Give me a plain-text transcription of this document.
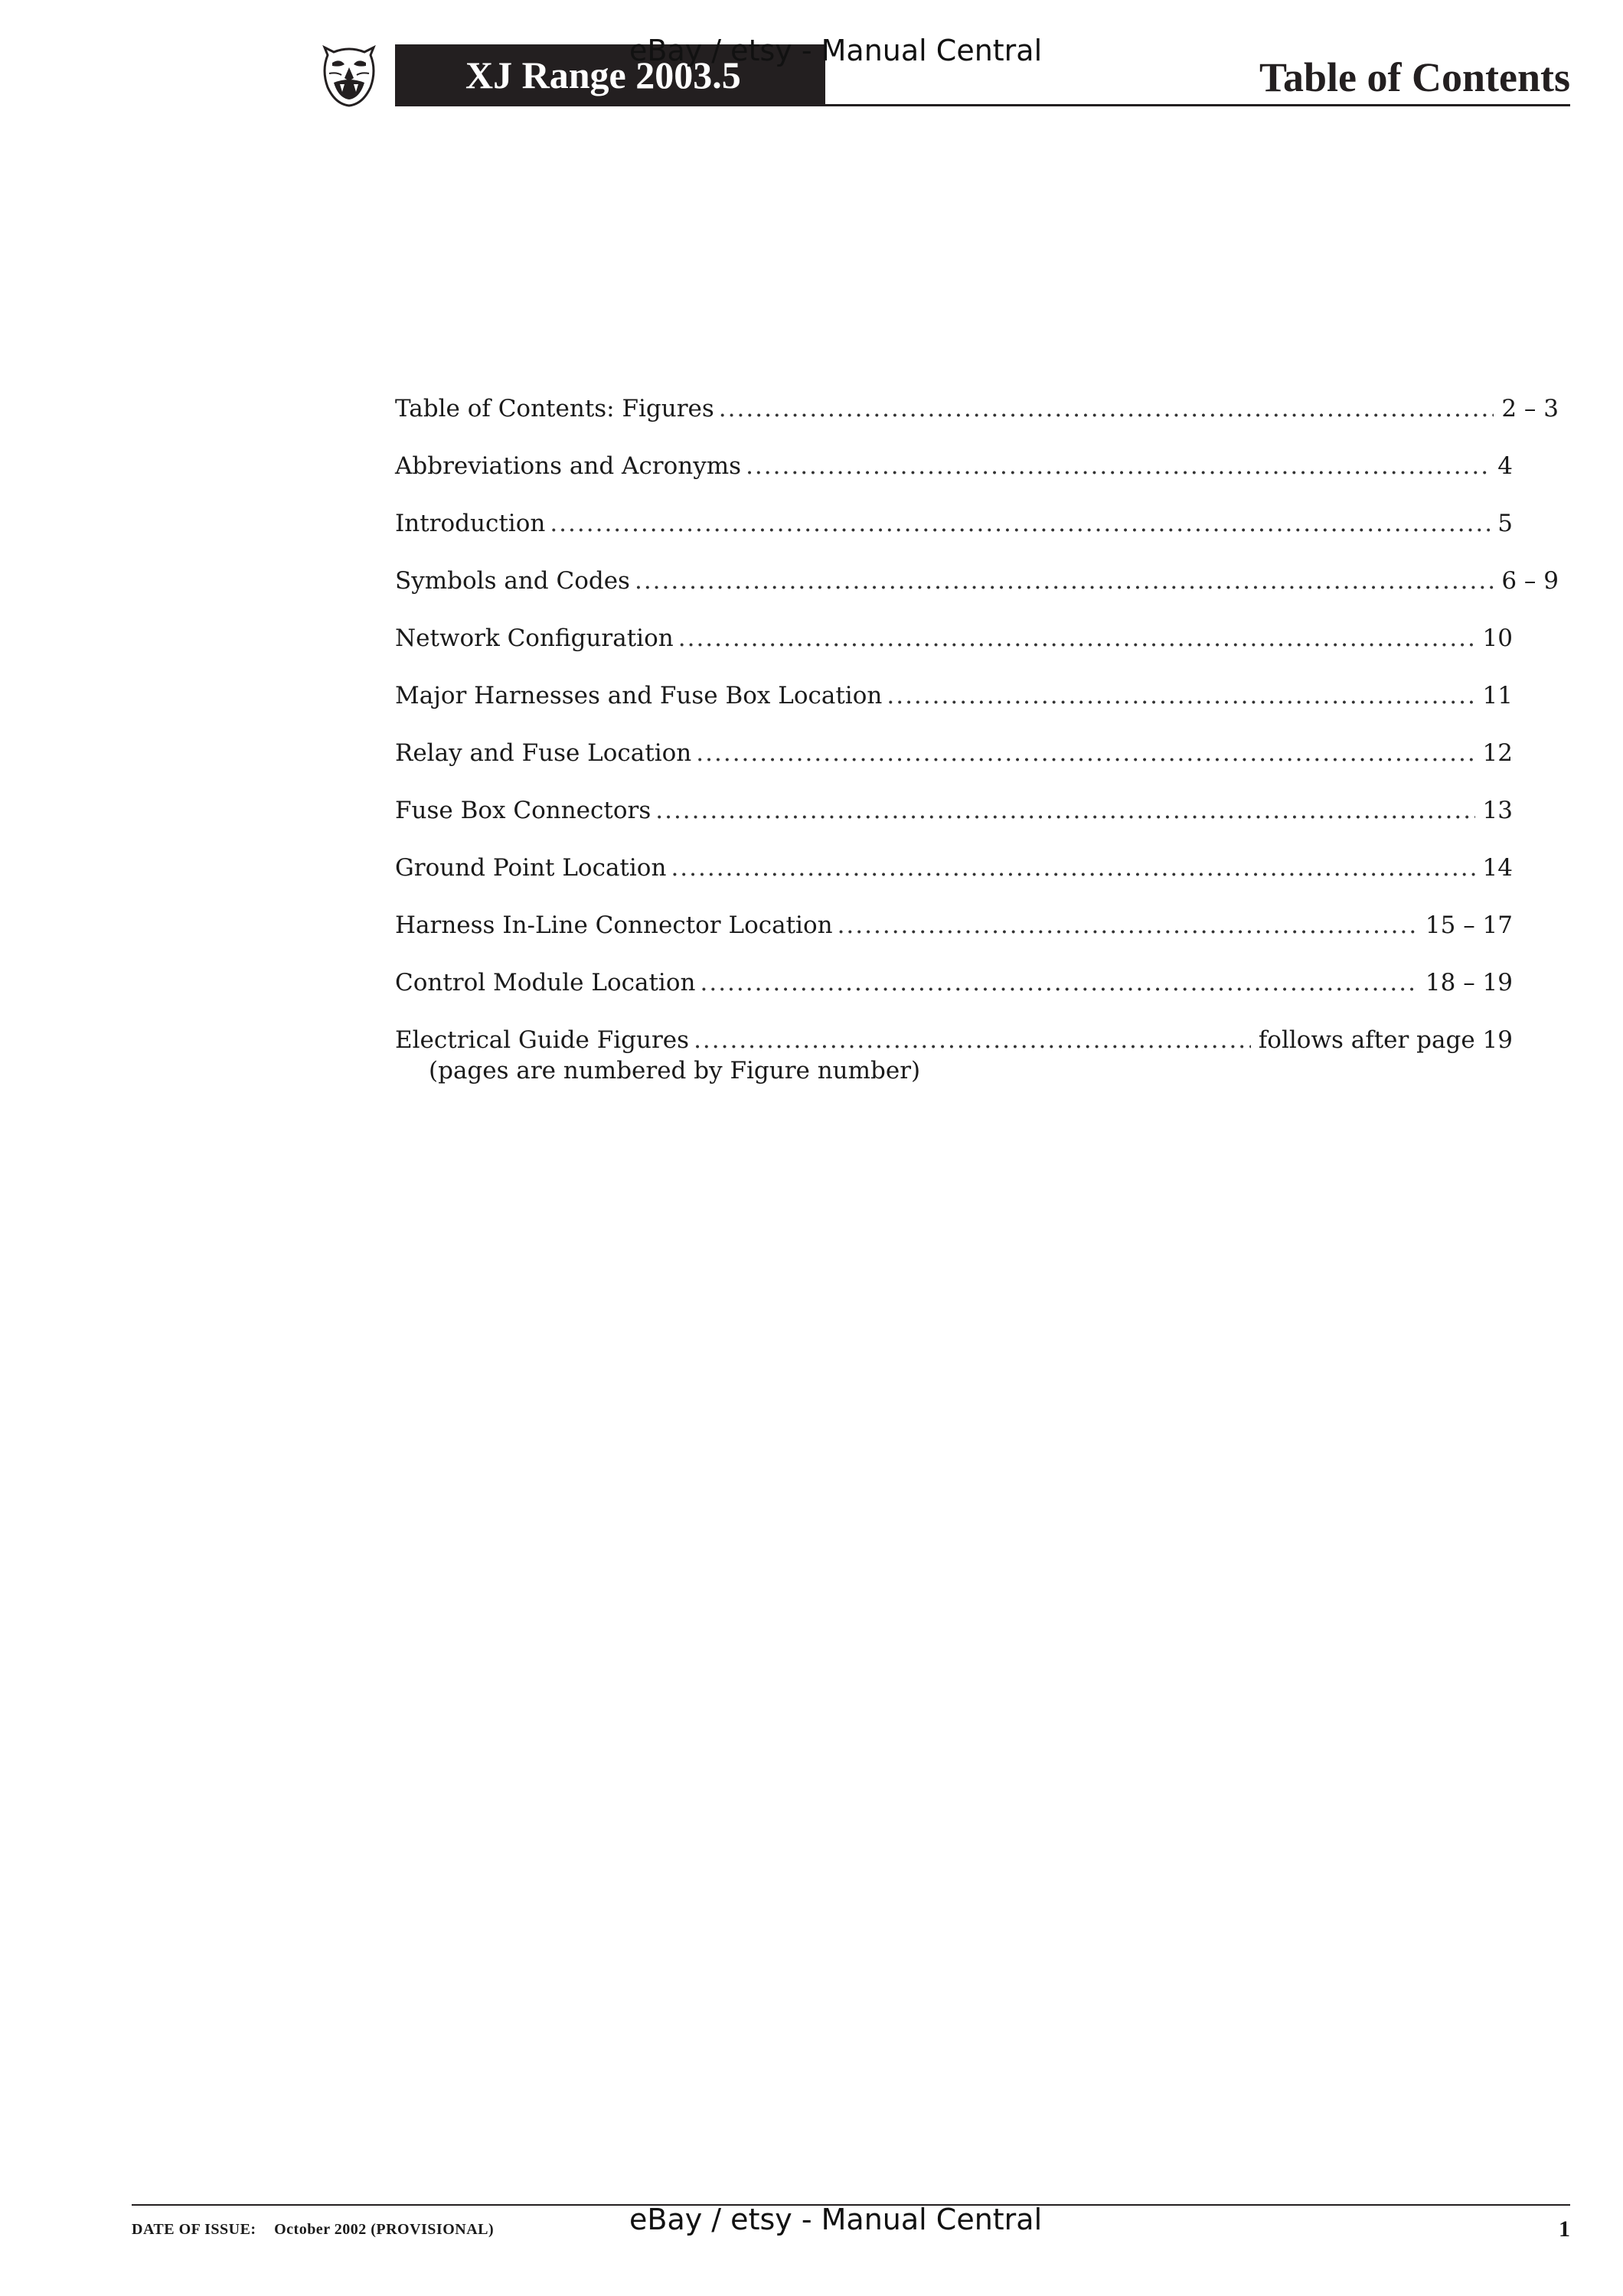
XJ Range 2003.5	Table of Contents
eBay / etsy - Manual Central
Table of Contents: Figures .....	2 – 3
Abbreviations and Acronyms .....	4
Introduction .....	5
Symbols and Codes .....	6 – 9
Network Configuration .....	10
Major Harnesses and Fuse Box Location .....	11
Relay and Fuse Location .....	12
Fuse Box Connectors .....	13
Ground Point Location .....	14
Harness In-Line Connector Location .....	15 – 17
Control Module Location .....	18 – 19
Electrical Guide Figures .....	follows after page 19
(pages are numbered by Figure number)
eBay / etsy - Manual Central
DATE OF ISSUE: October 2002 (PROVISIONAL)	1
